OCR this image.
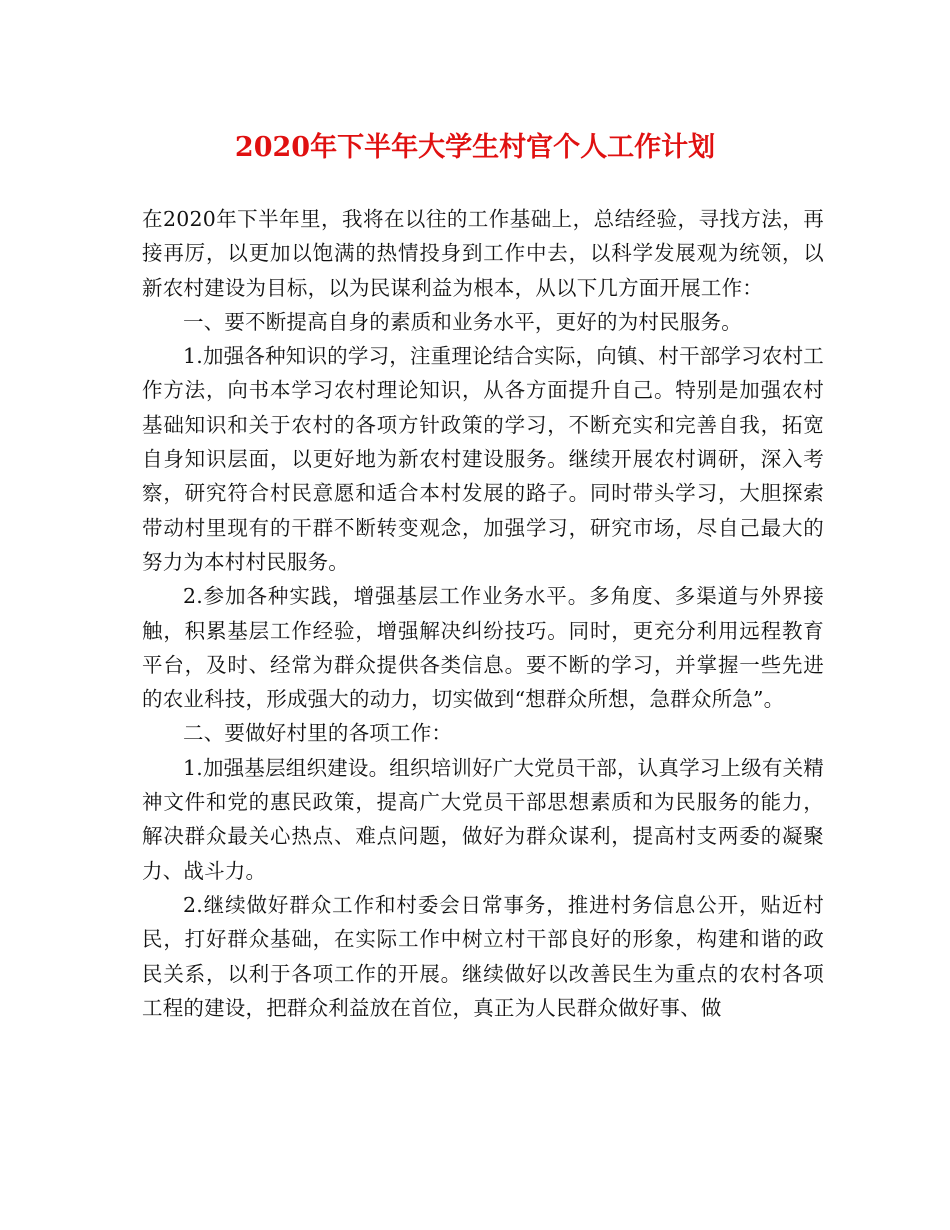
2020年下半年大学生村官个人工作计划

在2020年下半年里，我将在以往的工作基础上，总结经验，寻找方法，再接再厉，以更加以饱满的热情投身到工作中去，以科学发展观为统领，以新农村建设为目标，以为民谋利益为根本，从以下几方面开展工作：

一、要不断提高自身的素质和业务水平，更好的为村民服务。

1.加强各种知识的学习，注重理论结合实际，向镇、村干部学习农村工作方法，向书本学习农村理论知识，从各方面提升自己。特别是加强农村基础知识和关于农村的各项方针政策的学习，不断充实和完善自我，拓宽自身知识层面，以更好地为新农村建设服务。继续开展农村调研，深入考察，研究符合村民意愿和适合本村发展的路子。同时带头学习，大胆探索带动村里现有的干群不断转变观念，加强学习，研究市场，尽自己最大的努力为本村村民服务。

2.参加各种实践，增强基层工作业务水平。多角度、多渠道与外界接触，积累基层工作经验，增强解决纠纷技巧。同时，更充分利用远程教育平台，及时、经常为群众提供各类信息。要不断的学习，并掌握一些先进的农业科技，形成强大的动力，切实做到“想群众所想，急群众所急”。

二、要做好村里的各项工作：

1.加强基层组织建设。组织培训好广大党员干部，认真学习上级有关精神文件和党的惠民政策，提高广大党员干部思想素质和为民服务的能力，解决群众最关心热点、难点问题，做好为群众谋利，提高村支两委的凝聚力、战斗力。

2.继续做好群众工作和村委会日常事务，推进村务信息公开，贴近村民，打好群众基础，在实际工作中树立村干部良好的形象，构建和谐的政民关系，以利于各项工作的开展。继续做好以改善民生为重点的农村各项工程的建设，把群众利益放在首位，真正为人民群众做好事、做
